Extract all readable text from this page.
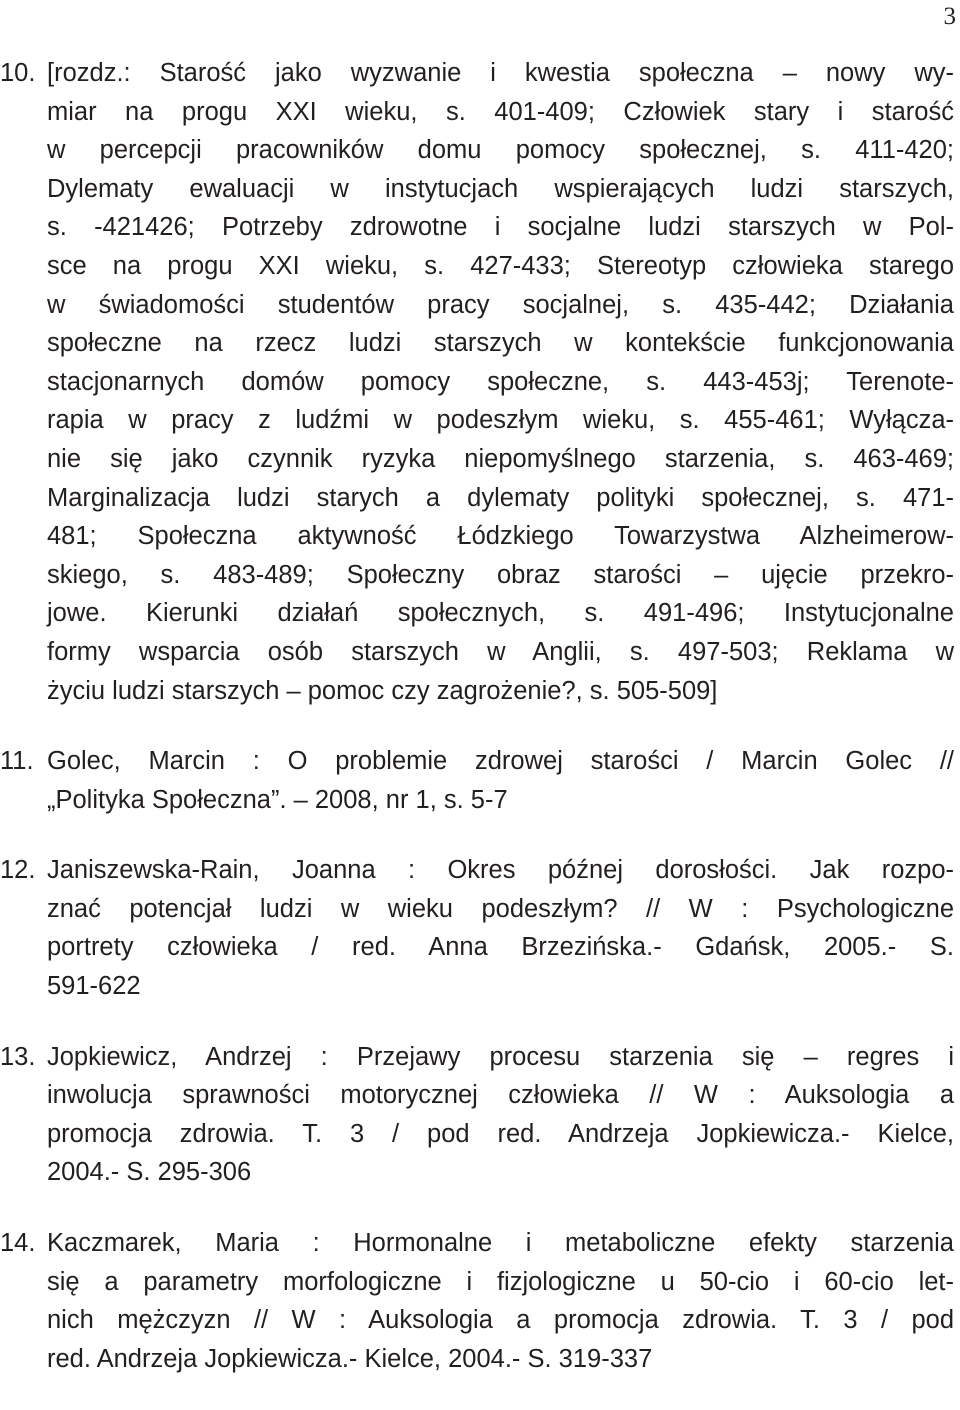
3
10. [rozdz.: Starość jako wyzwanie i kwestia społeczna – nowy wy-
miar na progu XXI wieku, s. 401-409; Człowiek stary i starość
w percepcji pracowników domu pomocy społecznej, s. 411-420;
Dylematy ewaluacji w instytucjach wspierających ludzi starszych,
s. -421426; Potrzeby zdrowotne i socjalne ludzi starszych w Pol-
sce na progu XXI wieku, s. 427-433; Stereotyp człowieka starego
w świadomości studentów pracy socjalnej, s. 435-442; Działania
społeczne na rzecz ludzi starszych w kontekście funkcjonowania
stacjonarnych domów pomocy społeczne, s. 443-453j; Terenote-
rapia w pracy z ludźmi w podeszłym wieku, s. 455-461; Wyłącza-
nie się jako czynnik ryzyka niepomyślnego starzenia, s. 463-469;
Marginalizacja ludzi starych a dylematy polityki społecznej, s. 471-
481; Społeczna aktywność Łódzkiego Towarzystwa Alzheimerow-
skiego, s. 483-489; Społeczny obraz starości – ujęcie przekro-
jowe. Kierunki działań społecznych, s. 491-496; Instytucjonalne
formy wsparcia osób starszych w Anglii, s. 497-503; Reklama w
życiu ludzi starszych – pomoc czy zagrożenie?, s. 505-509]
11. Golec, Marcin : O problemie zdrowej starości / Marcin Golec //
„Polityka Społeczna”. – 2008, nr 1, s. 5-7
12. Janiszewska-Rain, Joanna : Okres późnej dorosłości. Jak rozpo-
znać potencjał ludzi w wieku podeszłym? // W : Psychologiczne
portrety człowieka / red. Anna Brzezińska.- Gdańsk, 2005.- S.
591-622
13. Jopkiewicz, Andrzej : Przejawy procesu starzenia się – regres i
inwolucja sprawności motorycznej człowieka // W : Auksologia a
promocja zdrowia. T. 3 / pod red. Andrzeja Jopkiewicza.- Kielce,
2004.- S. 295-306
14. Kaczmarek, Maria : Hormonalne i metaboliczne efekty starzenia
się a parametry morfologiczne i fizjologiczne u 50-cio i 60-cio let-
nich mężczyzn // W : Auksologia a promocja zdrowia. T. 3 / pod
red. Andrzeja Jopkiewicza.- Kielce, 2004.- S. 319-337
